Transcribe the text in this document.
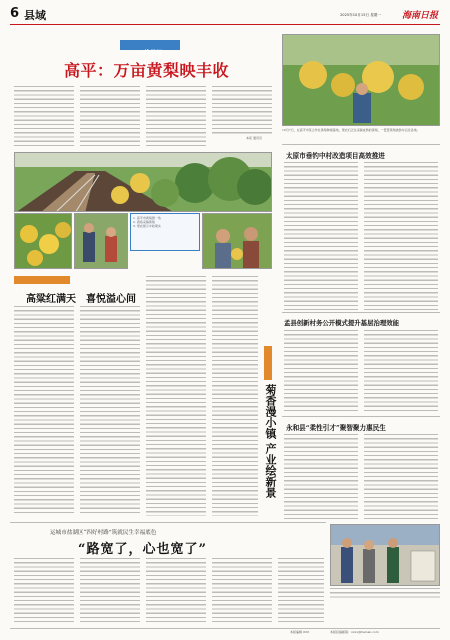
6 县域	2025年10月15日 星期一 海南日报
一线见闻
高平：万亩黄梨映丰收
本报 通讯员
1. 高平市黄梨园一角
2. 游客采摘黄梨
3. 果农展示丰收果实
广灵县—斗景乡
高粱红满天 喜悦溢心间
文化振兴
菊香漫小镇 产业绘新景
10月7日，在高平市某合作社黄梨种植基地，果农们正在采摘成熟的黄梨，一筐筐黄梨被装车运往各地。
太原市垂钓中村改造项目高效推进
孟县创新村务公开模式提升基层治理效能
永和县“柔性引才”聚智聚力惠民生
运城市盐湖区“四好村路”筑就民生幸福底色
“路宽了，心也宽了”
本版投稿邮箱：xxxx@hainan.com
本版编辑 XXX
